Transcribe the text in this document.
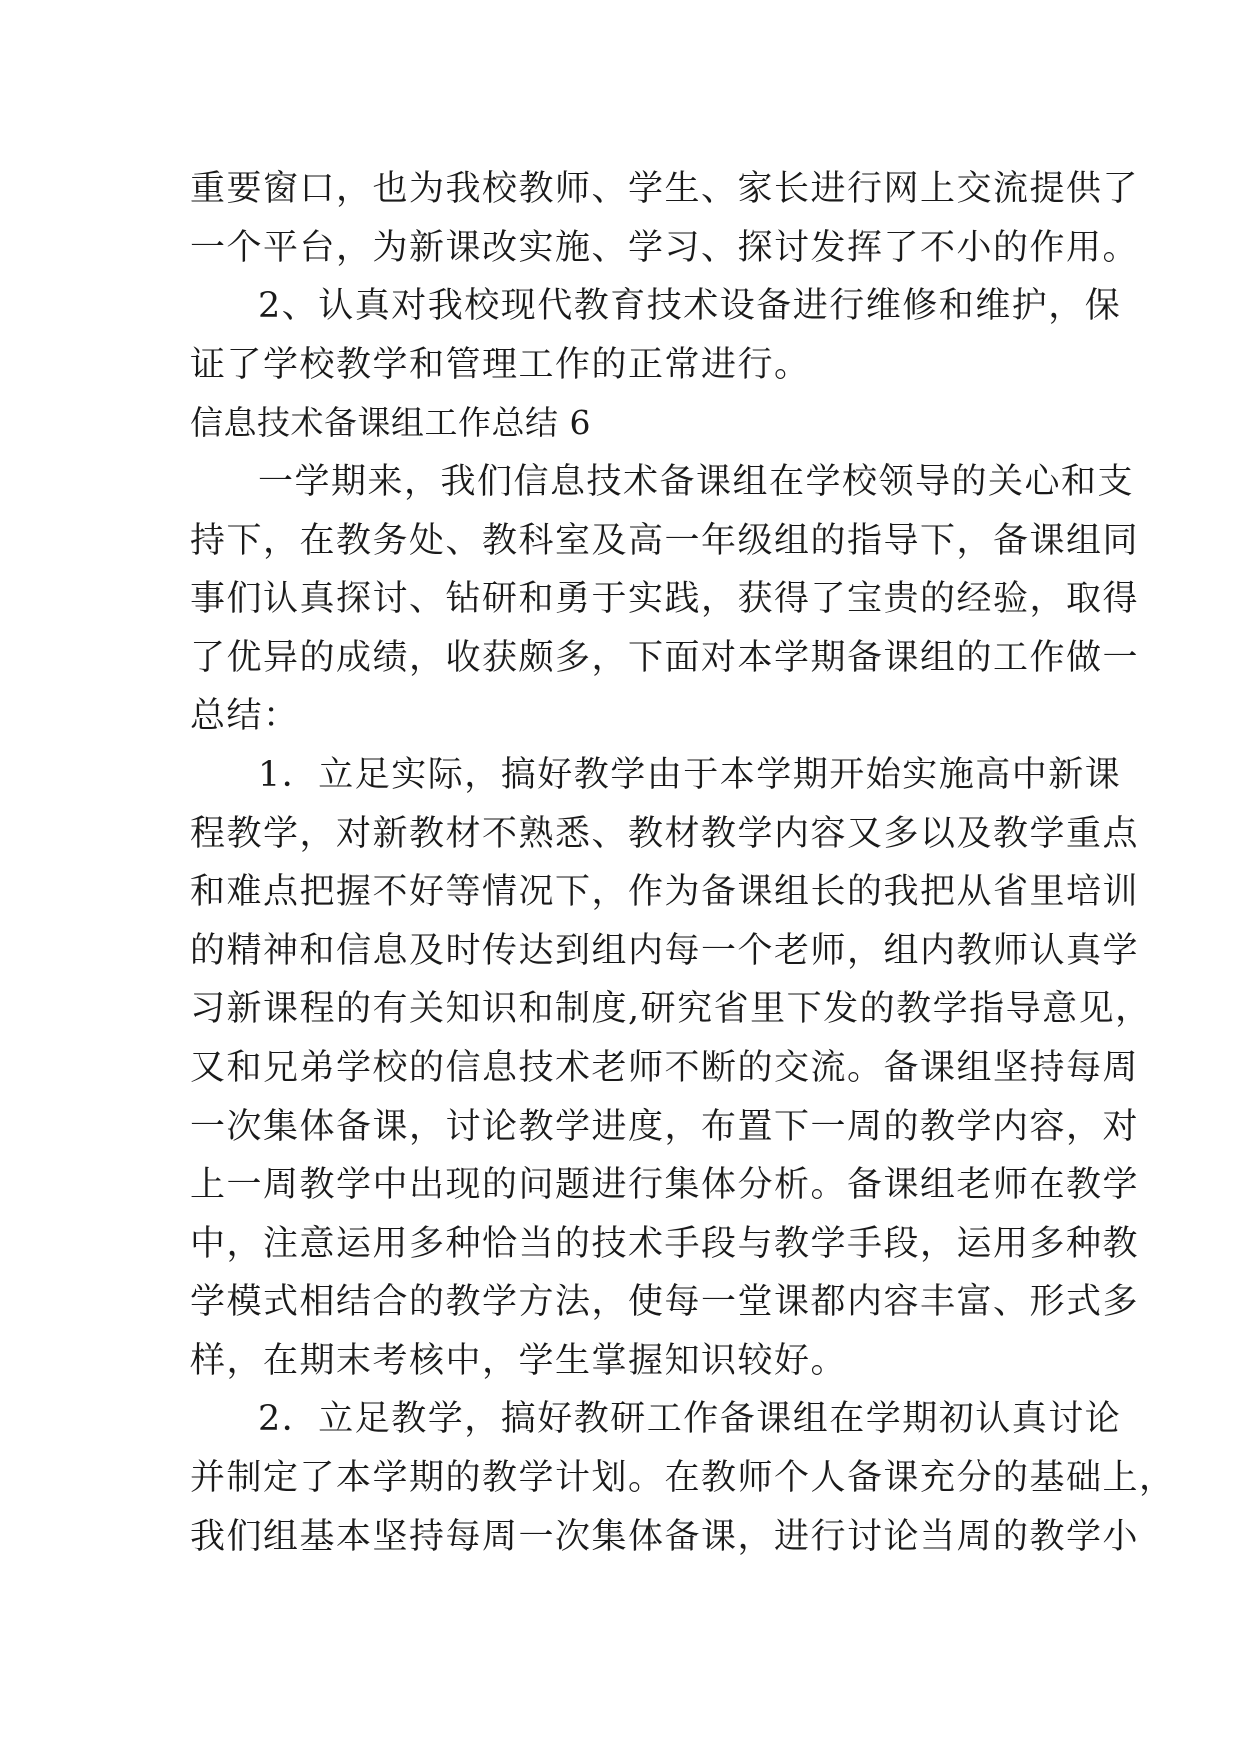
重要窗口，也为我校教师、学生、家长进行网上交流提供了
一个平台，为新课改实施、学习、探讨发挥了不小的作用。
2、认真对我校现代教育技术设备进行维修和维护，保
证了学校教学和管理工作的正常进行。
信息技术备课组工作总结 6
一学期来，我们信息技术备课组在学校领导的关心和支
持下，在教务处、教科室及高一年级组的指导下，备课组同
事们认真探讨、钻研和勇于实践，获得了宝贵的经验，取得
了优异的成绩，收获颇多，下面对本学期备课组的工作做一
总结：
1．立足实际，搞好教学由于本学期开始实施高中新课
程教学，对新教材不熟悉、教材教学内容又多以及教学重点
和难点把握不好等情况下，作为备课组长的我把从省里培训
的精神和信息及时传达到组内每一个老师，组内教师认真学
习新课程的有关知识和制度,研究省里下发的教学指导意见，
又和兄弟学校的信息技术老师不断的交流。备课组坚持每周
一次集体备课，讨论教学进度，布置下一周的教学内容，对
上一周教学中出现的问题进行集体分析。备课组老师在教学
中，注意运用多种恰当的技术手段与教学手段，运用多种教
学模式相结合的教学方法，使每一堂课都内容丰富、形式多
样，在期末考核中，学生掌握知识较好。
2．立足教学，搞好教研工作备课组在学期初认真讨论
并制定了本学期的教学计划。在教师个人备课充分的基础上，
我们组基本坚持每周一次集体备课，进行讨论当周的教学小
